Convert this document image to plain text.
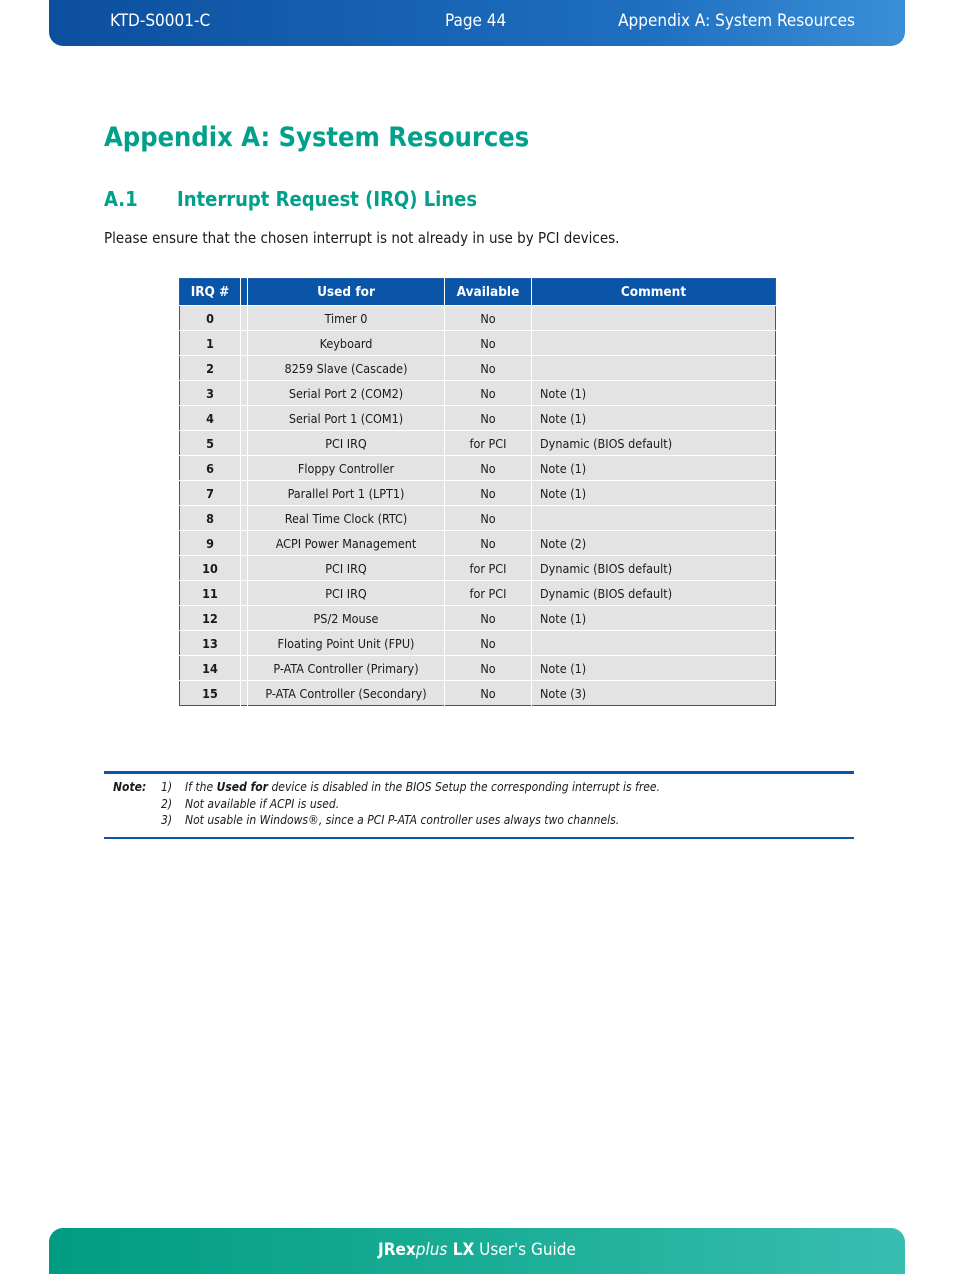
KTD-S0001-C	Page 44	Appendix A: System Resources
Appendix A: System Resources
A.1 Interrupt Request (IRQ) Lines

Please ensure that the chosen interrupt is not already in use by PCI devices.

IRQ #		Used for	Available	Comment
0		Timer 0	No	
1		Keyboard	No	
2		8259 Slave (Cascade)	No	
3		Serial Port 2 (COM2)	No	Note (1)
4		Serial Port 1 (COM1)	No	Note (1)
5		PCI IRQ	for PCI	Dynamic (BIOS default)
6		Floppy Controller	No	Note (1)
7		Parallel Port 1 (LPT1)	No	Note (1)
8		Real Time Clock (RTC)	No	
9		ACPI Power Management	No	Note (2)
10		PCI IRQ	for PCI	Dynamic (BIOS default)
11		PCI IRQ	for PCI	Dynamic (BIOS default)
12		PS/2 Mouse	No	Note (1)
13		Floating Point Unit (FPU)	No	
14		P-ATA Controller (Primary)	No	Note (1)
15		P-ATA Controller (Secondary)	No	Note (3)
Note: 1) If the Used for device is disabled in the BIOS Setup the corresponding interrupt is free.
2) Not available if ACPI is used.
3) Not usable in Windows®, since a PCI P-ATA controller uses always two channels.
JRexplus LX User's Guide
